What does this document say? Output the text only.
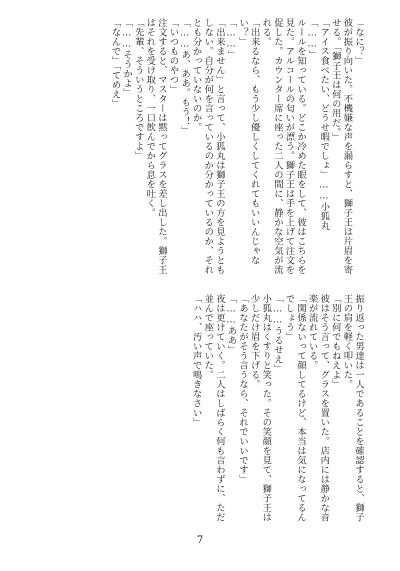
「なに？」
彼が振り向いた。不機嫌な声を漏らすと、獅子王は片眉を寄せる。「獅子王は何の用だ。」
「アイス食べたい、どうせ暇でしょ」……小狐丸
「……」
ルールを知っている。どこか冷めた眼をして、彼はこちらを見た。アルコールの匂いが漂う。獅子王は手を上げて注文を促した。カウンター席に座った二人の間に、静かな空気が流れる。
「出来るなら、もう少し優しくしてくれてもいいんじゃない？」
「……」
「出来ません」と言って、小狐丸は獅子王の方を見ようともしない。自分が何を言っているのか分かっているのか、それとも分かっていないのか。
「……あ、ああ。もう！」
「いつものやつ」
注文すると、マスターは黙ってグラスを差し出した。獅子王はそれを受け取り、一口飲んでから息を吐く。
「先輩、そういうところですよ」
「……そうかよ」
「なんで」「てめえ」
振り返った男達は一人であることを確認すると、獅子王の肩を軽く叩いた。
「別に何でもねえよ」
彼はそう言って、グラスを置いた。店内には静かな音楽が流れている。
「関係ないって顔してるけど、本当は気になってるんでしょう」
「……うるせえ」
小狐丸はくすりと笑った。その笑顔を見て、獅子王は少しだけ眉を下げる。
「あなたがそう言うなら、それでいいです」
「……ああ」
夜は更けていく。二人はしばらく何も言わずに、ただ並んで座っていた。
「ハハ、汚い声で鳴きなさい」
7
